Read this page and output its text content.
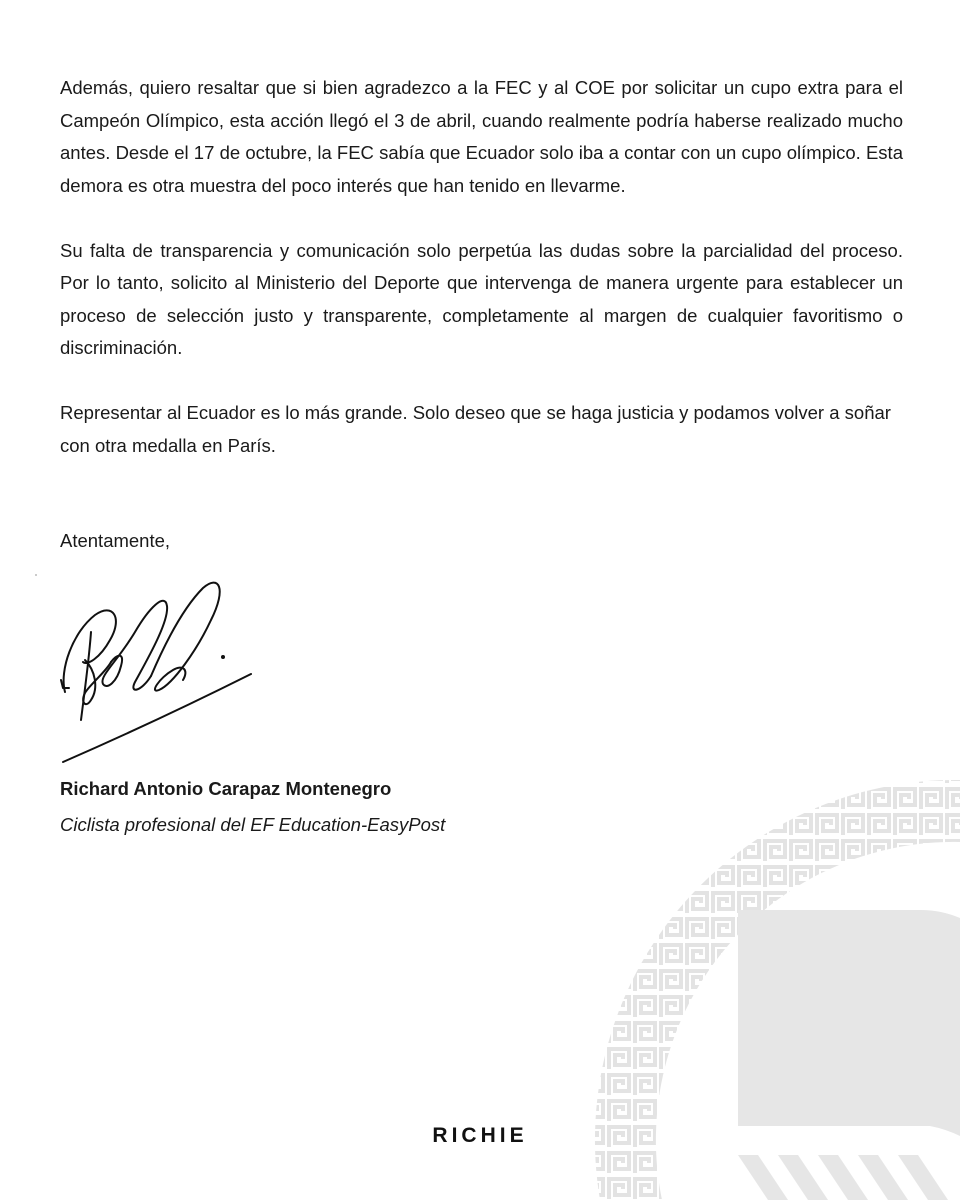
Además, quiero resaltar que si bien agradezco a la FEC y al COE por solicitar un cupo extra para el Campeón Olímpico, esta acción llegó el 3 de abril, cuando realmente podría haberse realizado mucho antes. Desde el 17 de octubre, la FEC sabía que Ecuador solo iba a contar con un cupo olímpico. Esta demora es otra muestra del poco interés que han tenido en llevarme.

Su falta de transparencia y comunicación solo perpetúa las dudas sobre la parcialidad del proceso. Por lo tanto, solicito al Ministerio del Deporte que intervenga de manera urgente para establecer un proceso de selección justo y transparente, completamente al margen de cualquier favoritismo o discriminación.

Representar al Ecuador es lo más grande. Solo deseo que se haga justicia y podamos volver a soñar con otra medalla en París.

Atentamente,
Richard Antonio Carapaz Montenegro
Ciclista profesional del EF Education-EasyPost
RICHIE
